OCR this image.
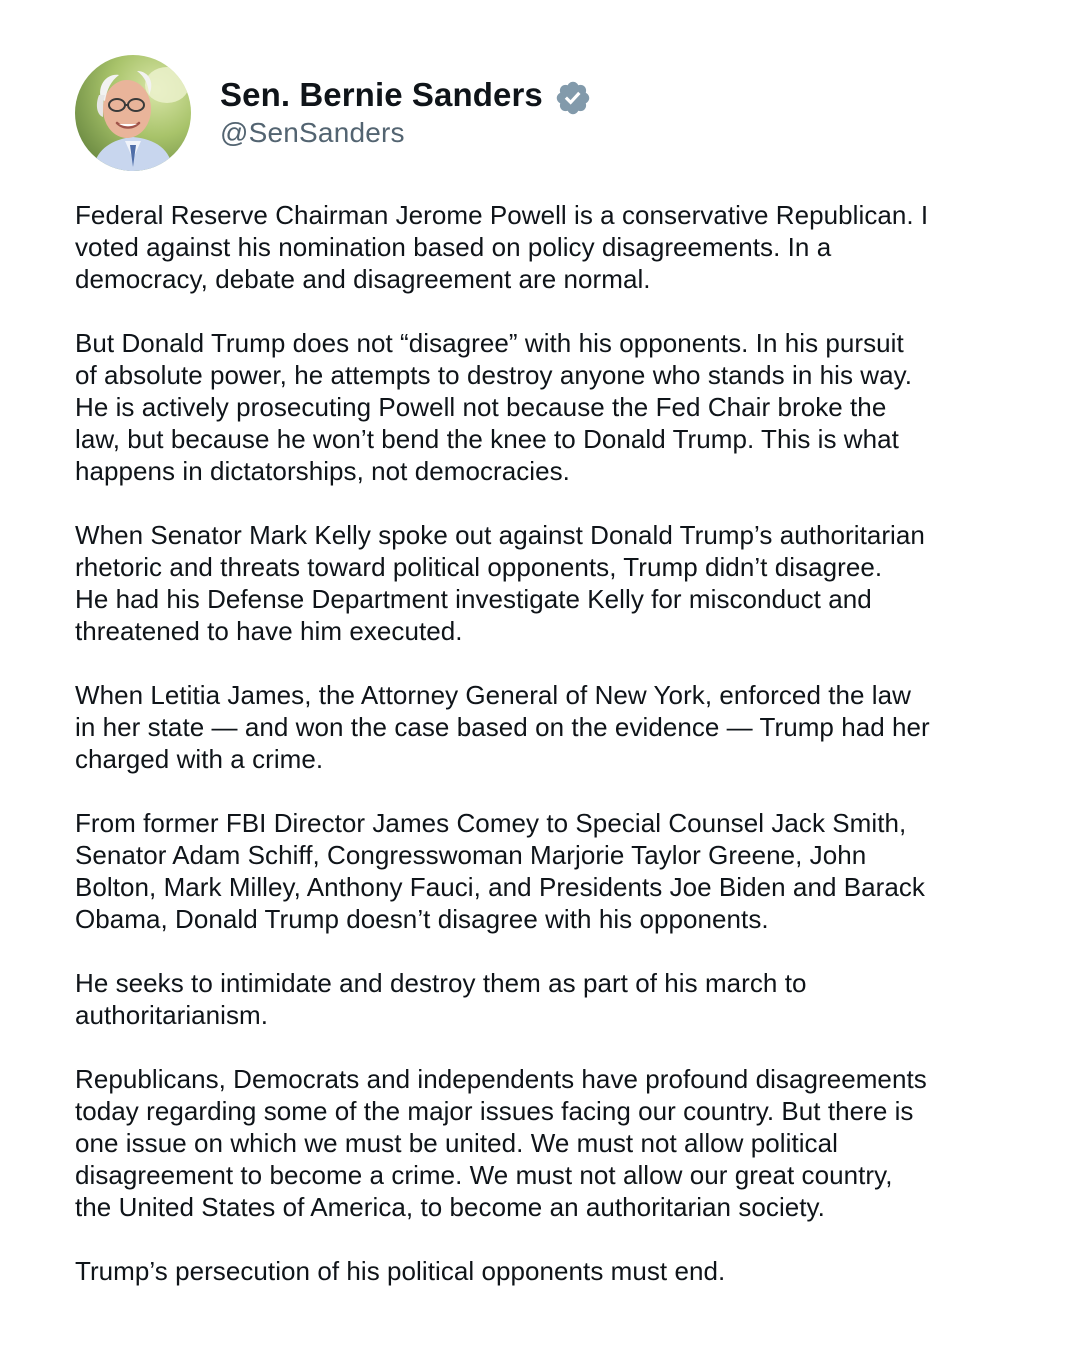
Sen. Bernie Sanders
@SenSanders

Federal Reserve Chairman Jerome Powell is a conservative Republican. I
voted against his nomination based on policy disagreements. In a
democracy, debate and disagreement are normal.

But Donald Trump does not “disagree” with his opponents. In his pursuit
of absolute power, he attempts to destroy anyone who stands in his way.
He is actively prosecuting Powell not because the Fed Chair broke the
law, but because he won’t bend the knee to Donald Trump. This is what
happens in dictatorships, not democracies.

When Senator Mark Kelly spoke out against Donald Trump’s authoritarian
rhetoric and threats toward political opponents, Trump didn’t disagree.
He had his Defense Department investigate Kelly for misconduct and
threatened to have him executed.

When Letitia James, the Attorney General of New York, enforced the law
in her state — and won the case based on the evidence — Trump had her
charged with a crime.

From former FBI Director James Comey to Special Counsel Jack Smith,
Senator Adam Schiff, Congresswoman Marjorie Taylor Greene, John
Bolton, Mark Milley, Anthony Fauci, and Presidents Joe Biden and Barack
Obama, Donald Trump doesn’t disagree with his opponents.

He seeks to intimidate and destroy them as part of his march to
authoritarianism.

Republicans, Democrats and independents have profound disagreements
today regarding some of the major issues facing our country. But there is
one issue on which we must be united. We must not allow political
disagreement to become a crime. We must not allow our great country,
the United States of America, to become an authoritarian society.

Trump’s persecution of his political opponents must end.
